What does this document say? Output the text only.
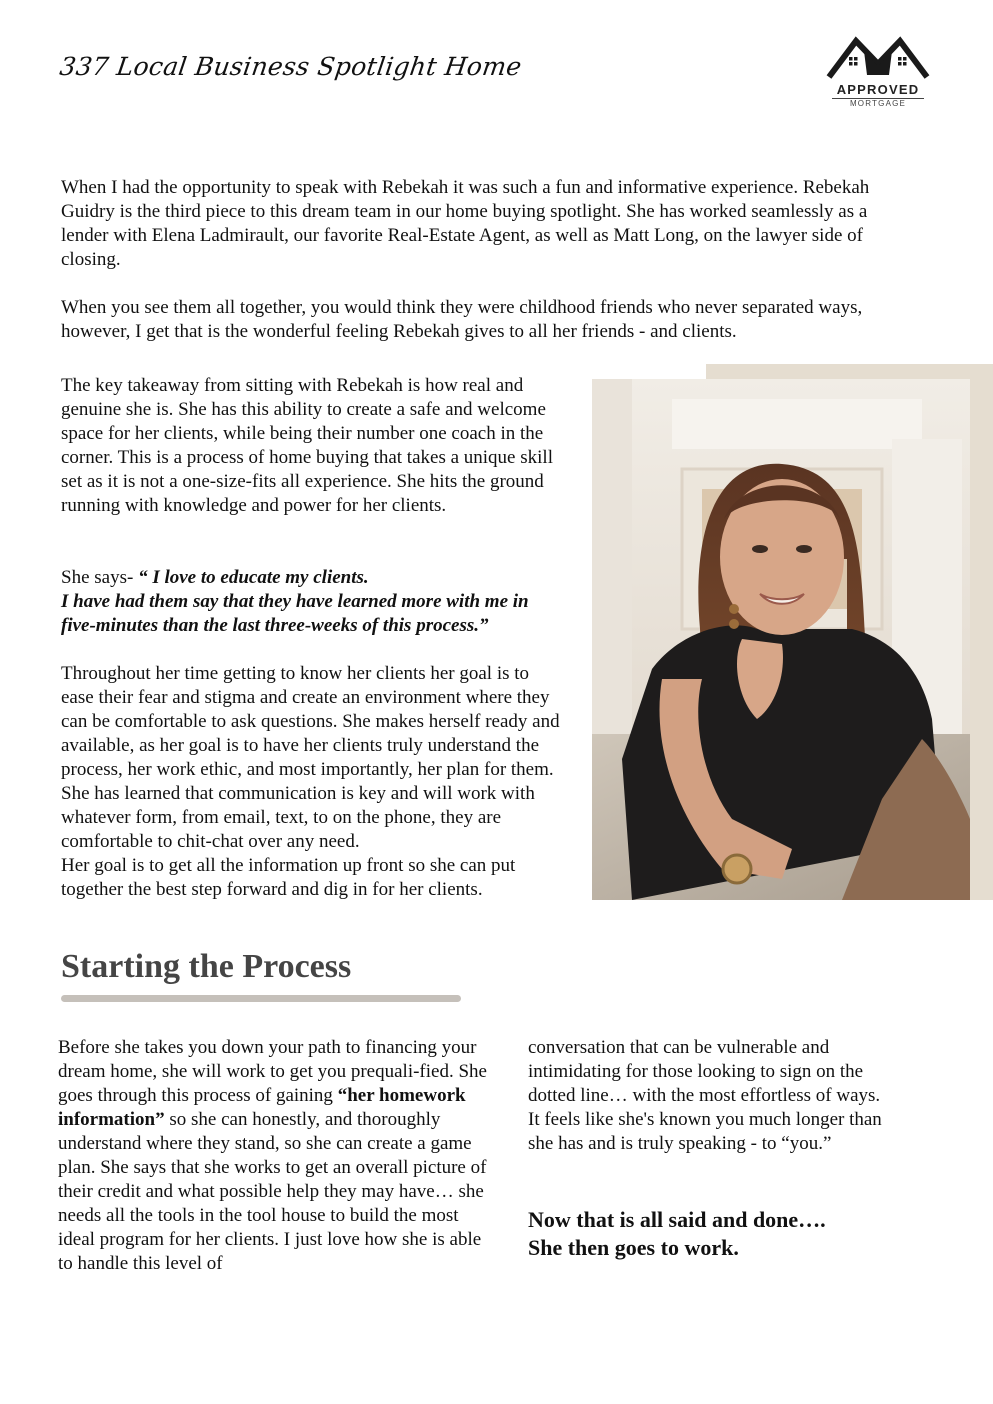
337 Local Business Spotlight Home
APPROVED
MORTGAGE

When I had the opportunity to speak with Rebekah it was such a fun and informative experience. Rebekah Guidry is the third piece to this dream team in our home buying spotlight. She has worked seamlessly as a lender with Elena Ladmirault, our favorite Real-Estate Agent, as well as Matt Long, on the lawyer side of closing.

When you see them all together, you would think they were childhood friends who never separated ways, however, I get that is the wonderful feeling Rebekah gives to all her friends - and clients.

The key takeaway from sitting with Rebekah is how real and genuine she is. She has this ability to create a safe and welcome space for her clients, while being their number one coach in the corner. This is a process of home buying that takes a unique skill set as it is not a one-size-fits all experience. She hits the ground running with knowledge and power for her clients.

She says- “ I love to educate my clients.
I have had them say that they have learned more with me in five-minutes than the last three-weeks of this process.”

Throughout her time getting to know her clients her goal is to ease their fear and stigma and create an environment where they can be comfortable to ask questions. She makes herself ready and available, as her goal is to have her clients truly understand the process, her work ethic, and most importantly, her plan for them. She has learned that communication is key and will work with whatever form, from email, text, to on the phone, they are comfortable to chit-chat over any need.
Her goal is to get all the information up front so she can put together the best step forward and dig in for her clients.

Starting the Process

Before she takes you down your path to financing your dream home, she will work to get you prequali-fied. She goes through this process of gaining “her homework information” so she can honestly, and thoroughly understand where they stand, so she can create a game plan. She says that she works to get an overall picture of their credit and what possible help they may have… she needs all the tools in the tool house to build the most ideal program for her clients. I just love how she is able to handle this level of

conversation that can be vulnerable and intimidating for those looking to sign on the dotted line… with the most effortless of ways. It feels like she's known you much longer than she has and is truly speaking - to “you.”

Now that is all said and done….
She then goes to work.
